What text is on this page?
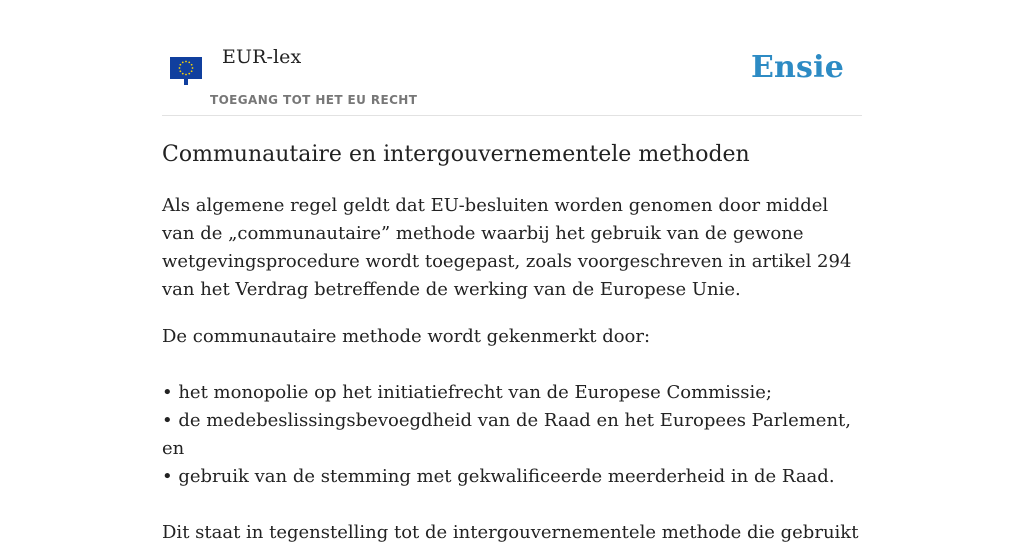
EUR-lex
TOEGANG TOT HET EU RECHT
Ensie
Communautaire en intergouvernementele methoden

Als algemene regel geldt dat EU-besluiten worden genomen door middel van de „communautaire” methode waarbij het gebruik van de gewone wetgevingsprocedure wordt toegepast, zoals voorgeschreven in artikel 294 van het Verdrag betreffende de werking van de Europese Unie.

De communautaire methode wordt gekenmerkt door:

• het monopolie op het initiatiefrecht van de Europese Commissie;
• de medebeslissingsbevoegdheid van de Raad en het Europees Parlement, en
• gebruik van de stemming met gekwalificeerde meerderheid in de Raad.

Dit staat in tegenstelling tot de intergouvernementele methode die gebruikt
